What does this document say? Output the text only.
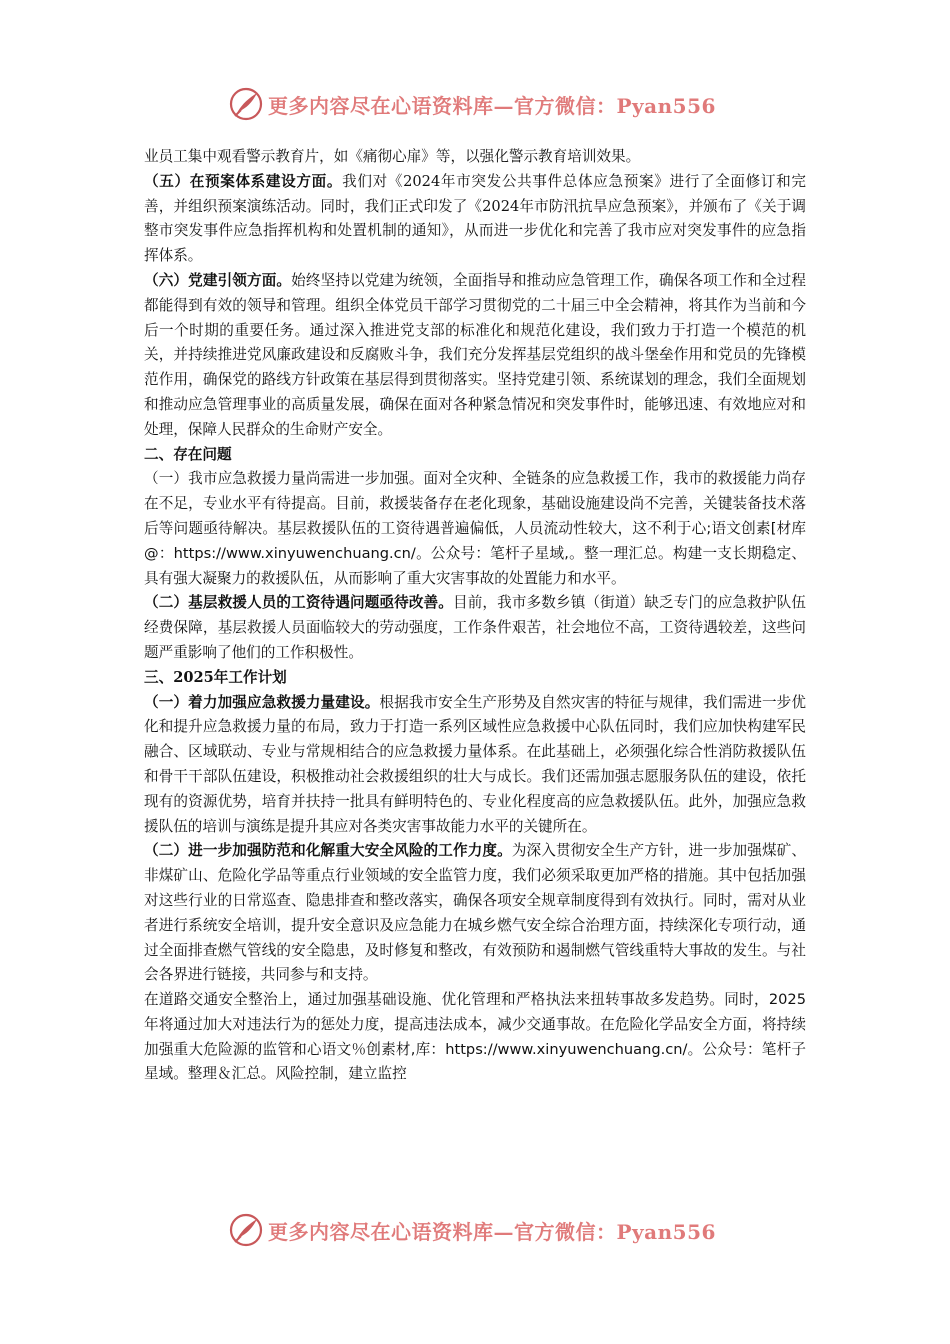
更多内容尽在心语资料库—官方微信：Pyan556

业员工集中观看警示教育片，如《痛彻心扉》等，以强化警示教育培训效果。

（五）在预案体系建设方面。我们对《2024年市突发公共事件总体应急预案》进行了全面修订和完善，并组织预案演练活动。同时，我们正式印发了《2024年市防汛抗旱应急预案》，并颁布了《关于调整市突发事件应急指挥机构和处置机制的通知》，从而进一步优化和完善了我市应对突发事件的应急指挥体系。

（六）党建引领方面。始终坚持以党建为统领，全面指导和推动应急管理工作，确保各项工作和全过程都能得到有效的领导和管理。组织全体党员干部学习贯彻党的二十届三中全会精神，将其作为当前和今后一个时期的重要任务。通过深入推进党支部的标准化和规范化建设，我们致力于打造一个模范的机关，并持续推进党风廉政建设和反腐败斗争，我们充分发挥基层党组织的战斗堡垒作用和党员的先锋模范作用，确保党的路线方针政策在基层得到贯彻落实。坚持党建引领、系统谋划的理念，我们全面规划和推动应急管理事业的高质量发展，确保在面对各种紧急情况和突发事件时，能够迅速、有效地应对和处理，保障人民群众的生命财产安全。

二、存在问题

（一）我市应急救援力量尚需进一步加强。面对全灾种、全链条的应急救援工作，我市的救援能力尚存在不足，专业水平有待提高。目前，救援装备存在老化现象，基础设施建设尚不完善，关键装备技术落后等问题亟待解决。基层救援队伍的工资待遇普遍偏低，人员流动性较大，这不利于心;语文创素[材库@：https://www.xinyuwenchuang.cn/。公众号：笔杆子星域,。整一理汇总。构建一支长期稳定、具有强大凝聚力的救援队伍，从而影响了重大灾害事故的处置能力和水平。

（二）基层救援人员的工资待遇问题亟待改善。目前，我市多数乡镇（街道）缺乏专门的应急救护队伍经费保障，基层救援人员面临较大的劳动强度，工作条件艰苦，社会地位不高，工资待遇较差，这些问题严重影响了他们的工作积极性。

三、2025年工作计划

（一）着力加强应急救援力量建设。根据我市安全生产形势及自然灾害的特征与规律，我们需进一步优化和提升应急救援力量的布局，致力于打造一系列区域性应急救援中心队伍同时，我们应加快构建军民融合、区域联动、专业与常规相结合的应急救援力量体系。在此基础上，必须强化综合性消防救援队伍和骨干干部队伍建设，积极推动社会救援组织的壮大与成长。我们还需加强志愿服务队伍的建设，依托现有的资源优势，培育并扶持一批具有鲜明特色的、专业化程度高的应急救援队伍。此外，加强应急救援队伍的培训与演练是提升其应对各类灾害事故能力水平的关键所在。

（二）进一步加强防范和化解重大安全风险的工作力度。为深入贯彻安全生产方针，进一步加强煤矿、非煤矿山、危险化学品等重点行业领域的安全监管力度，我们必须采取更加严格的措施。其中包括加强对这些行业的日常巡查、隐患排查和整改落实，确保各项安全规章制度得到有效执行。同时，需对从业者进行系统安全培训，提升安全意识及应急能力在城乡燃气安全综合治理方面，持续深化专项行动，通过全面排查燃气管线的安全隐患，及时修复和整改，有效预防和遏制燃气管线重特大事故的发生。与社会各界进行链接，共同参与和支持。

在道路交通安全整治上，通过加强基础设施、优化管理和严格执法来扭转事故多发趋势。同时，2025年将通过加大对违法行为的惩处力度，提高违法成本，减少交通事故。在危险化学品安全方面，将持续加强重大危险源的监管和心语文％创素材,库：https://www.xinyuwenchuang.cn/。公众号：笔杆子星域。整理＆汇总。风险控制，建立监控

更多内容尽在心语资料库—官方微信：Pyan556
